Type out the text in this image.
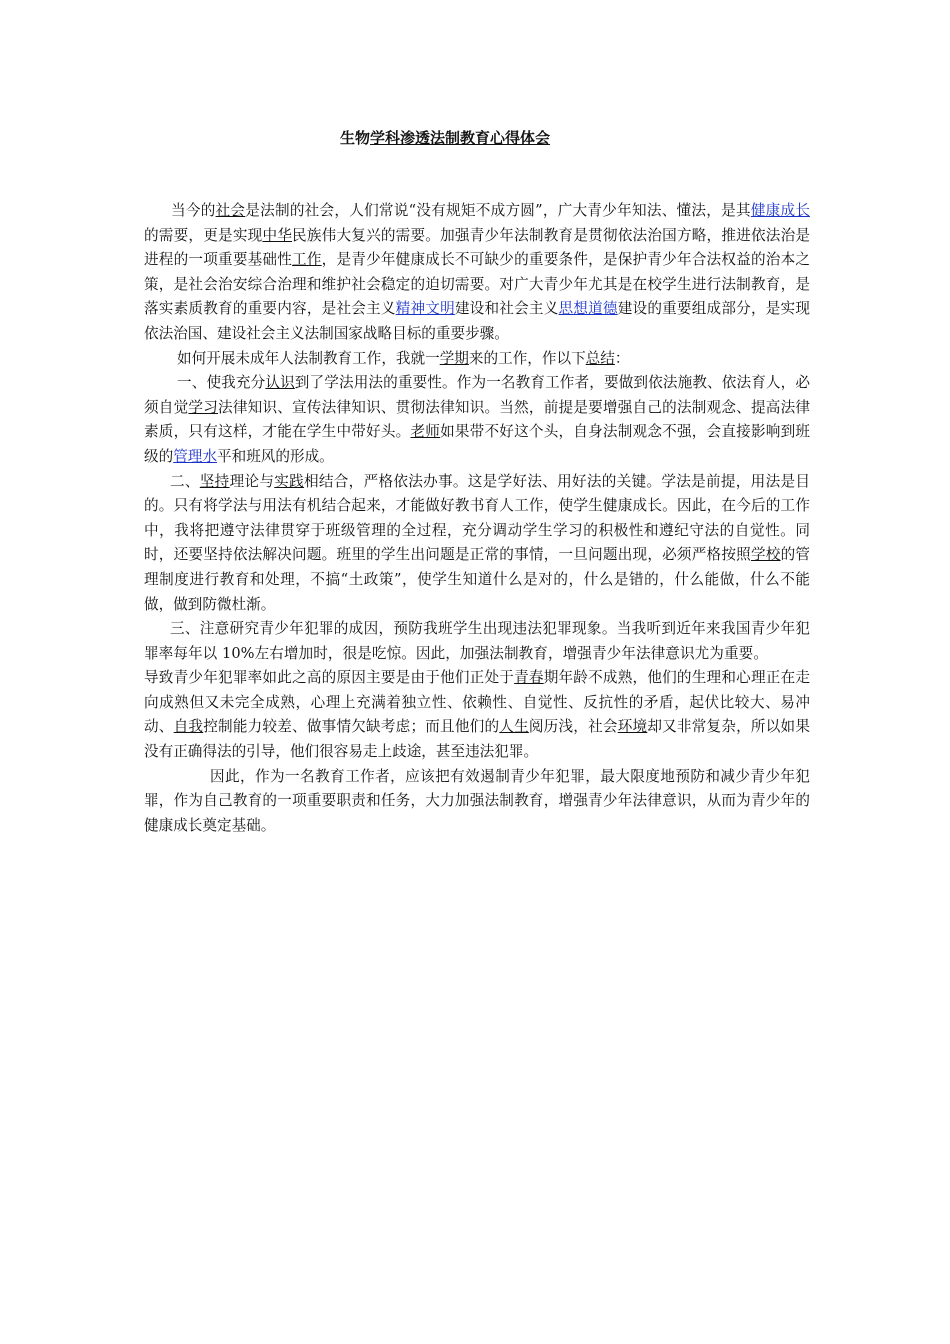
生物学科渗透法制教育心得体会

当今的社会是法制的社会，人们常说“没有规矩不成方圆”，广大青少年知法、懂法，是其健康成长的需要，更是实现中华民族伟大复兴的需要。加强青少年法制教育是贯彻依法治国方略，推进依法治是进程的一项重要基础性工作，是青少年健康成长不可缺少的重要条件，是保护青少年合法权益的治本之策，是社会治安综合治理和维护社会稳定的迫切需要。对广大青少年尤其是在校学生进行法制教育，是落实素质教育的重要内容，是社会主义精神文明建设和社会主义思想道德建设的重要组成部分，是实现依法治国、建设社会主义法制国家战略目标的重要步骤。

如何开展未成年人法制教育工作，我就一学期来的工作，作以下总结：

一、使我充分认识到了学法用法的重要性。作为一名教育工作者，要做到依法施教、依法育人，必须自觉学习法律知识、宣传法律知识、贯彻法律知识。当然，前提是要增强自己的法制观念、提高法律素质，只有这样，才能在学生中带好头。老师如果带不好这个头，自身法制观念不强，会直接影响到班级的管理水平和班风的形成。

二、坚持理论与实践相结合，严格依法办事。这是学好法、用好法的关键。学法是前提，用法是目的。只有将学法与用法有机结合起来，才能做好教书育人工作，使学生健康成长。因此，在今后的工作中，我将把遵守法律贯穿于班级管理的全过程，充分调动学生学习的积极性和遵纪守法的自觉性。同时，还要坚持依法解决问题。班里的学生出问题是正常的事情，一旦问题出现，必须严格按照学校的管理制度进行教育和处理，不搞“土政策”，使学生知道什么是对的，什么是错的，什么能做，什么不能做，做到防微杜渐。

三、注意研究青少年犯罪的成因，预防我班学生出现违法犯罪现象。当我听到近年来我国青少年犯罪率每年以 10%左右增加时，很是吃惊。因此，加强法制教育，增强青少年法律意识尤为重要。导致青少年犯罪率如此之高的原因主要是由于他们正处于青春期年龄不成熟，他们的生理和心理正在走向成熟但又未完全成熟，心理上充满着独立性、依赖性、自觉性、反抗性的矛盾，起伏比较大、易冲动、自我控制能力较差、做事情欠缺考虑；而且他们的人生阅历浅，社会环境却又非常复杂，所以如果没有正确得法的引导，他们很容易走上歧途，甚至违法犯罪。

因此，作为一名教育工作者，应该把有效遏制青少年犯罪，最大限度地预防和减少青少年犯罪，作为自己教育的一项重要职责和任务，大力加强法制教育，增强青少年法律意识，从而为青少年的健康成长奠定基础。
